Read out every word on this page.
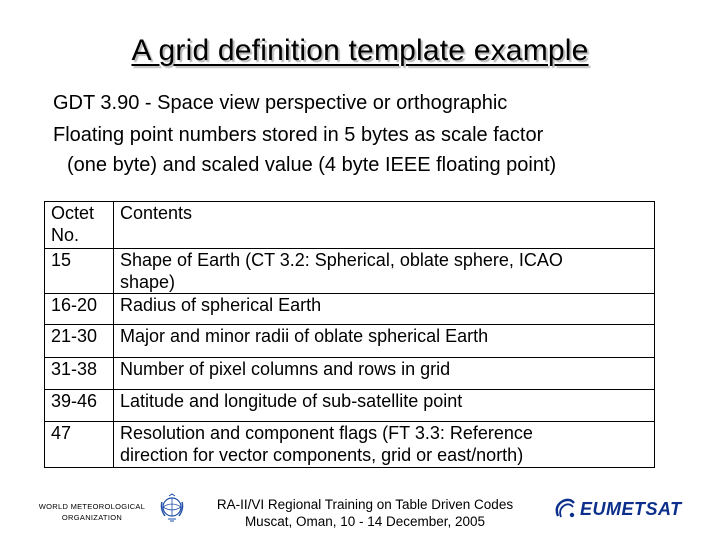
A grid definition template example
GDT 3.90 - Space view perspective or orthographic
Floating point numbers stored in 5 bytes as scale factor
(one byte) and scaled value (4 byte IEEE floating point)
Octet
No.	Contents
15	Shape of Earth (CT 3.2: Spherical, oblate sphere, ICAO
shape)
16-20	Radius of spherical Earth
21-30	Major and minor radii of oblate spherical Earth
31-38	Number of pixel columns and rows in grid
39-46	Latitude and longitude of sub-satellite point
47	Resolution and component flags (FT 3.3: Reference
direction for vector components, grid or east/north)
WORLD METEOROLOGICAL
ORGANIZATION
RA-II/VI Regional Training on Table Driven Codes
Muscat, Oman, 10 - 14 December, 2005
EUMETSAT
